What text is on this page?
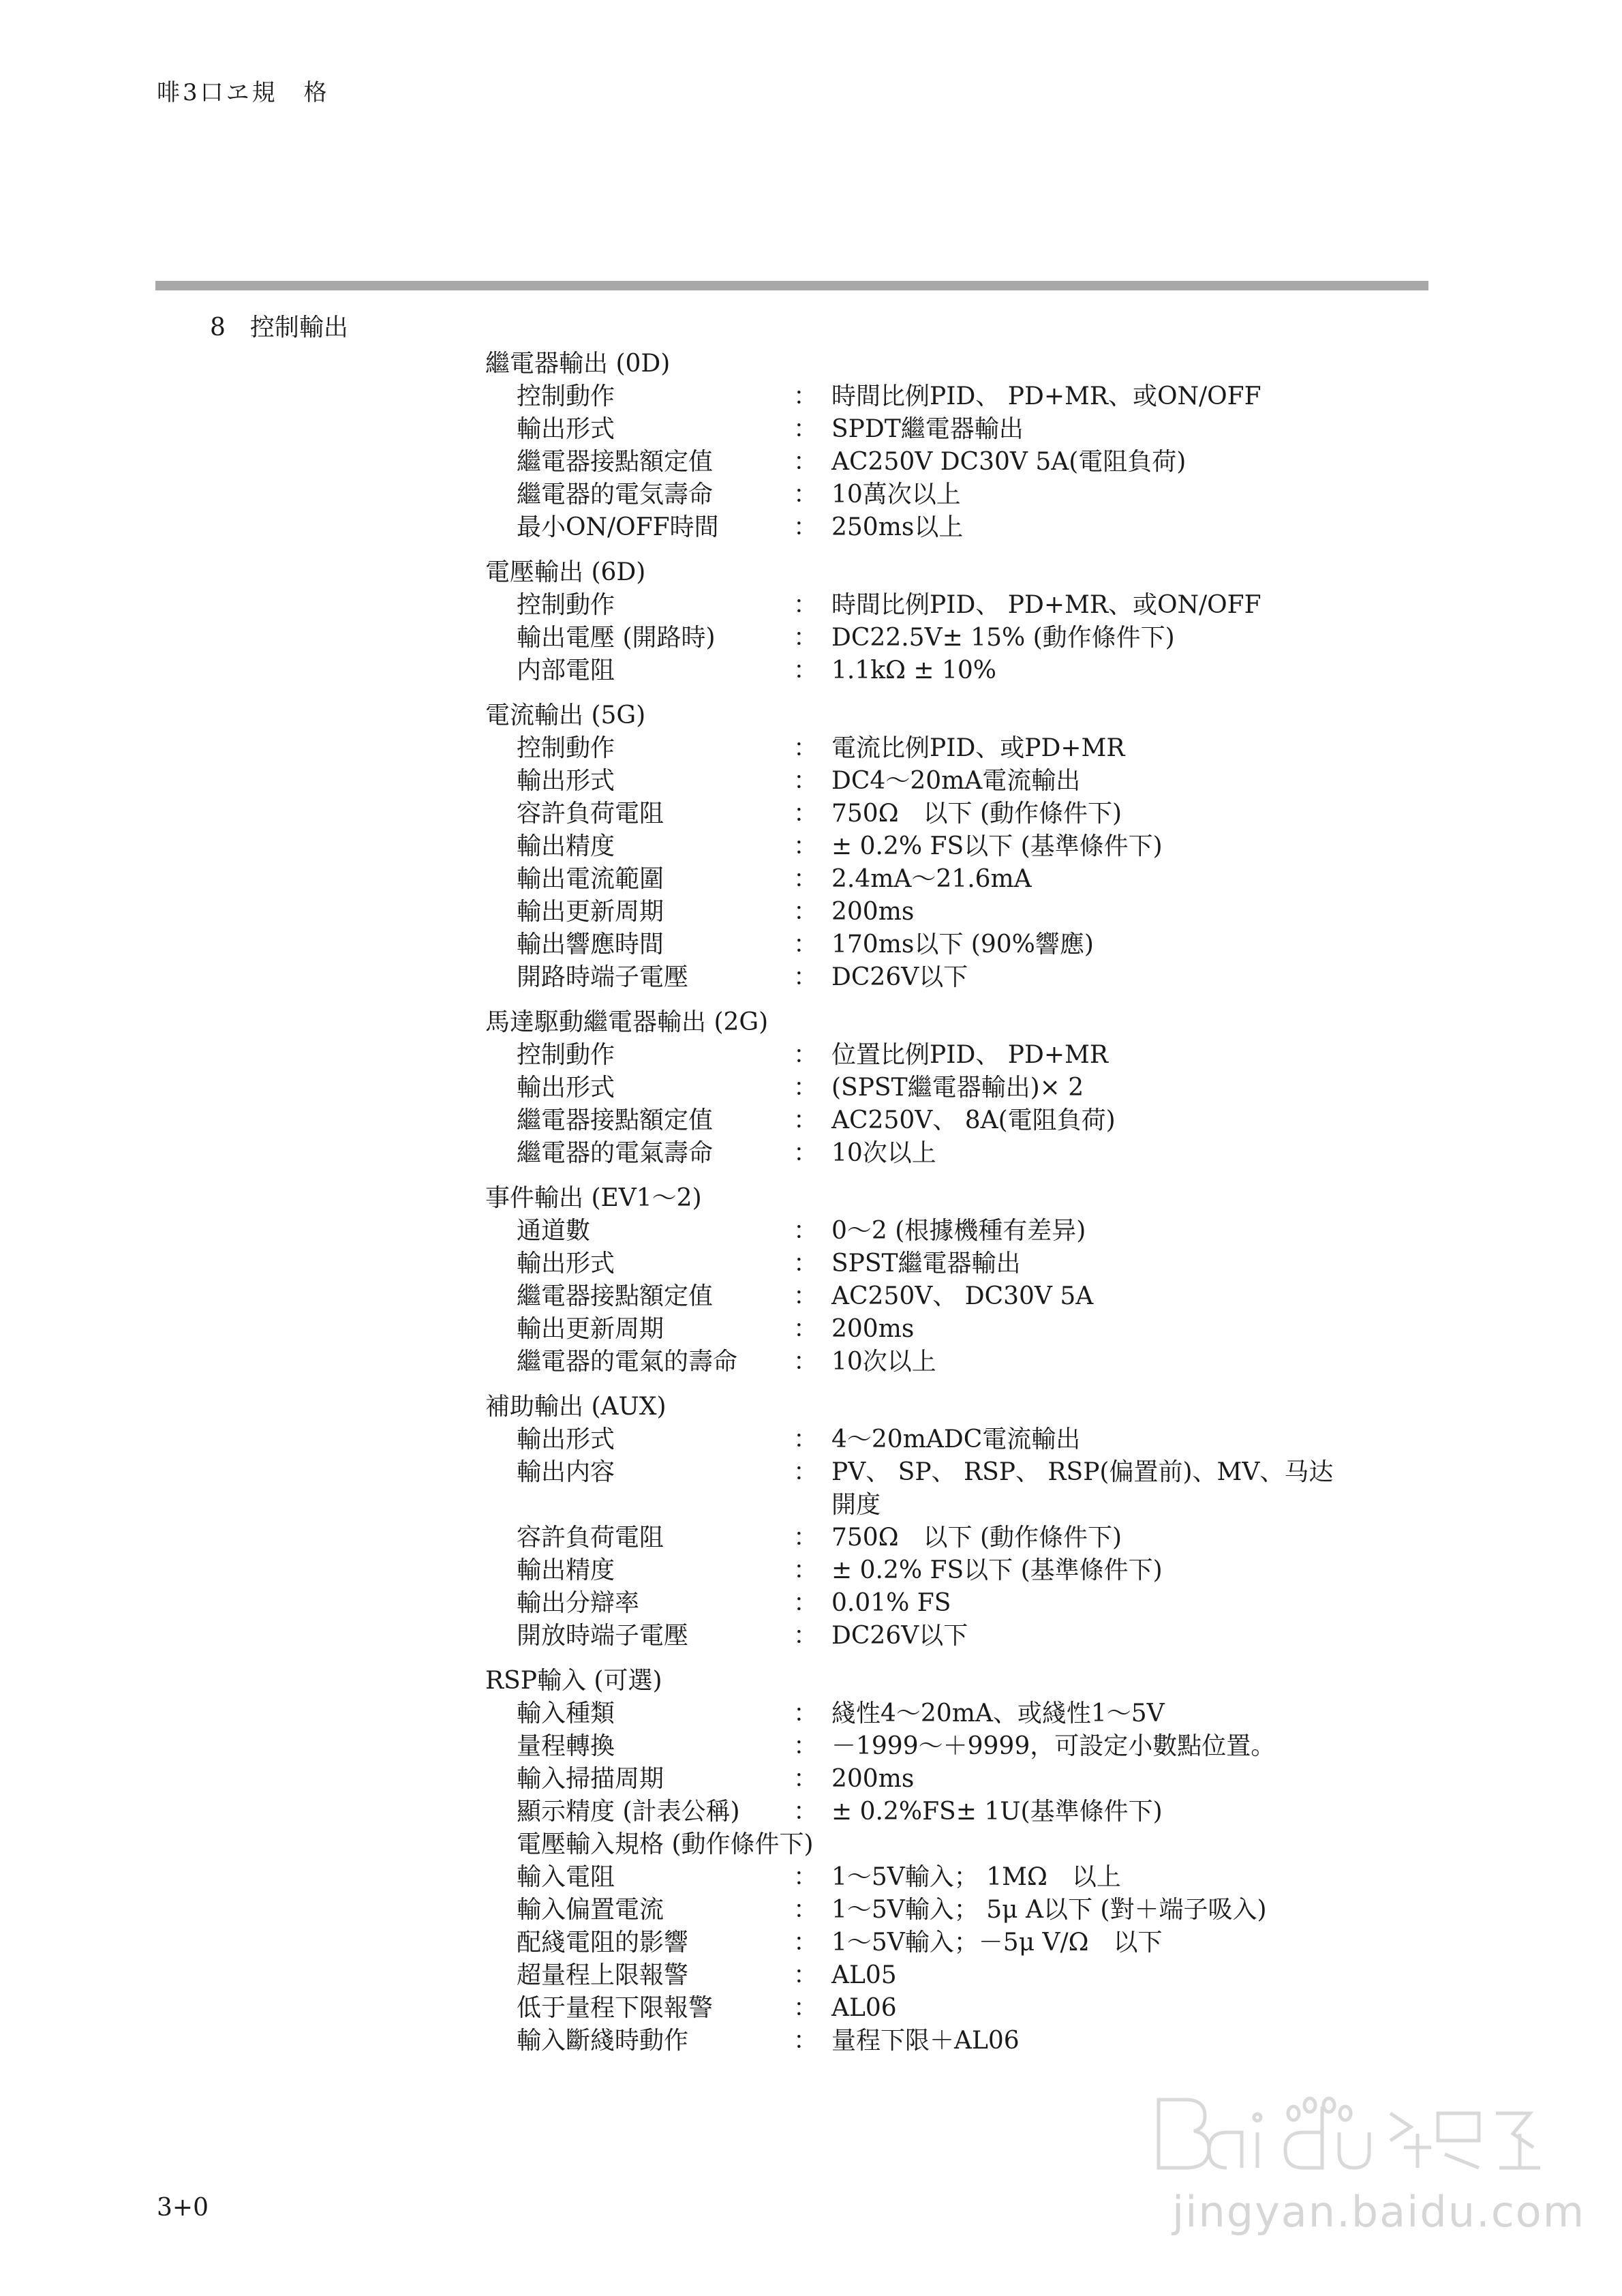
啡3口ヱ規　格
8　控制輸出
繼電器輸出 (0D)
控制動作	： 時間比例PID、 PD+MR、或ON/OFF
輸出形式	： SPDT繼電器輸出
繼電器接點額定值	： AC250V DC30V 5A(電阻負荷)
繼電器的電気壽命	： 10萬次以上
最小ON/OFF時間	： 250ms以上
電壓輸出 (6D)
控制動作	： 時間比例PID、 PD+MR、或ON/OFF
輸出電壓 (開路時)	： DC22.5V± 15% (動作條件下)
内部電阻	： 1.1kΩ ± 10%
電流輸出 (5G)
控制動作	： 電流比例PID、或PD+MR
輸出形式	： DC4～20mA電流輸出
容許負荷電阻	： 750Ω　以下 (動作條件下)
輸出精度	： ± 0.2% FS以下 (基準條件下)
輸出電流範圍	： 2.4mA～21.6mA
輸出更新周期	： 200ms
輸出響應時間	： 170ms以下 (90%響應)
開路時端子電壓	： DC26V以下
馬達駆動繼電器輸出 (2G)
控制動作	： 位置比例PID、 PD+MR
輸出形式	： (SPST繼電器輸出)× 2
繼電器接點額定值	： AC250V、 8A(電阻負荷)
繼電器的電氣壽命	： 10次以上
事件輸出 (EV1～2)
通道數	： 0～2 (根據機種有差异)
輸出形式	： SPST繼電器輸出
繼電器接點額定值	： AC250V、 DC30V 5A
輸出更新周期	： 200ms
繼電器的電氣的壽命	： 10次以上
補助輸出 (AUX)
輸出形式	： 4～20mADC電流輸出
輸出内容	： PV、 SP、 RSP、 RSP(偏置前)、MV、马达
開度
容許負荷電阻	： 750Ω　以下 (動作條件下)
輸出精度	： ± 0.2% FS以下 (基準條件下)
輸出分辯率	： 0.01% FS
開放時端子電壓	： DC26V以下
RSP輸入 (可選)
輸入種類	： 綫性4～20mA、或綫性1～5V
量程轉換	： －1999～＋9999，可設定小數點位置。
輸入掃描周期	： 200ms
顯示精度 (計表公稱)	： ± 0.2%FS± 1U(基準條件下)
電壓輸入規格 (動作條件下)
輸入電阻	： 1～5V輸入； 1MΩ　以上
輸入偏置電流	： 1～5V輸入； 5μ A以下 (對＋端子吸入)
配綫電阻的影響	： 1～5V輸入；－5μ V/Ω　以下
超量程上限報警	： AL05
低于量程下限報警	： AL06
輸入斷綫時動作	： 量程下限＋AL06
3+0	jingyan.baidu.com
